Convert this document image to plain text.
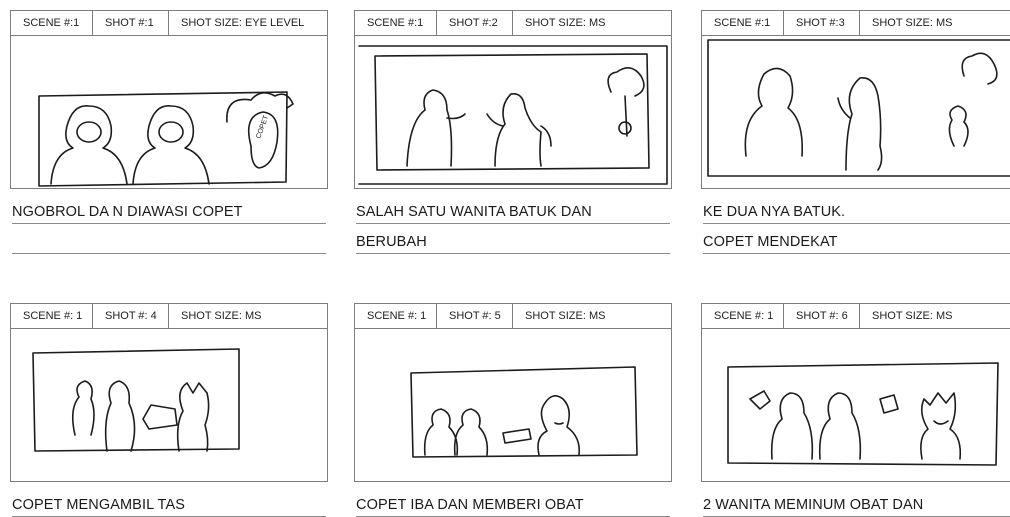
SCENE #:1	SHOT #:1	SHOT SIZE: EYE LEVEL
COPET
NGOBROL DA N DIAWASI COPET
SCENE #:1	SHOT #:2	SHOT SIZE: MS
SALAH SATU WANITA BATUK DAN
BERUBAH
SCENE #:1	SHOT #:3	SHOT SIZE: MS
KE DUA NYA BATUK.
COPET MENDEKAT
SCENE #: 1	SHOT #: 4	SHOT SIZE: MS
COPET MENGAMBIL TAS
SCENE #: 1	SHOT #: 5	SHOT SIZE: MS
COPET IBA DAN MEMBERI OBAT
SCENE #: 1	SHOT #: 6	SHOT SIZE: MS
2 WANITA MEMINUM OBAT DAN
